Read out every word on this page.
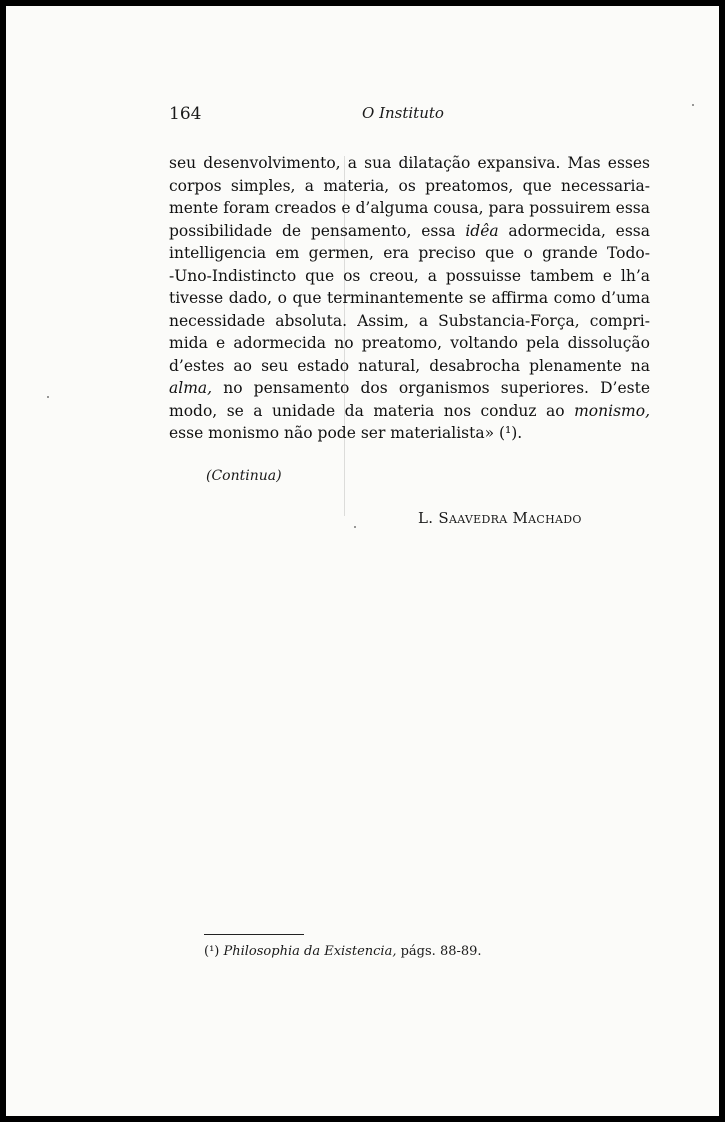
164	O Instituto
seu desenvolvimento, a sua dilatação expansiva. Mas esses
corpos simples, a materia, os preatomos, que necessaria-
mente foram creados e d’alguma cousa, para possuirem essa
possibilidade de pensamento, essa idêa adormecida, essa
intelligencia em germen, era preciso que o grande Todo-
-Uno-Indistincto que os creou, a possuisse tambem e lh’a
tivesse dado, o que terminantemente se affirma como d’uma
necessidade absoluta. Assim, a Substancia-Força, compri-
mida e adormecida no preatomo, voltando pela dissolução
d’estes ao seu estado natural, desabrocha plenamente na
alma, no pensamento dos organismos superiores. D’este
modo, se a unidade da materia nos conduz ao monismo,
esse monismo não pode ser materialista» (¹).
(Continua)
L. Saavedra Machado
(¹) Philosophia da Existencia, págs. 88-89.
